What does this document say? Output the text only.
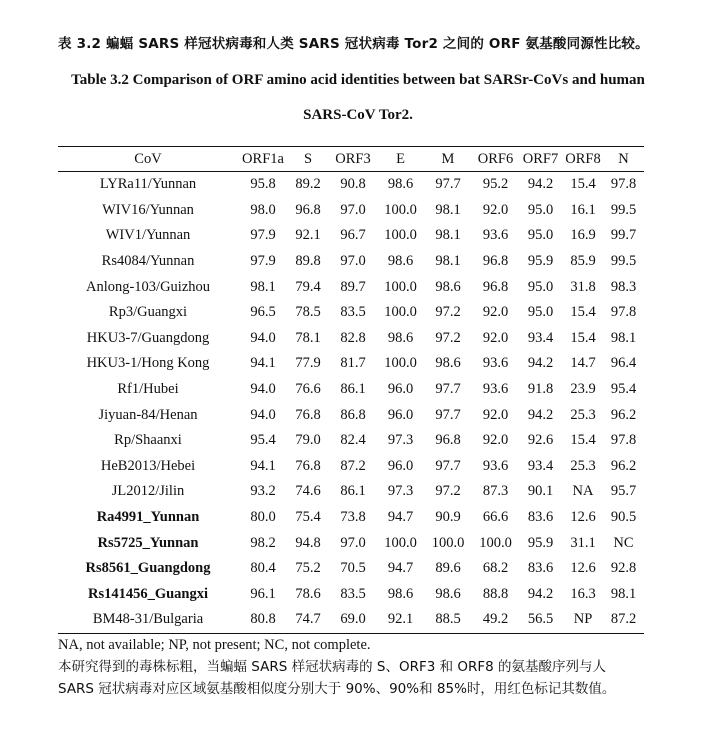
表 3.2 蝙蝠 SARS 样冠状病毒和人类 SARS 冠状病毒 Tor2 之间的 ORF 氨基酸同源性比较。
Table 3.2 Comparison of ORF amino acid identities between bat SARSr-CoVs and human
SARS-CoV Tor2.
CoV	ORF1a	S	ORF3	E	M	ORF6	ORF7	ORF8	N
LYRa11/Yunnan	95.8	89.2	90.8	98.6	97.7	95.2	94.2	15.4	97.8
WIV16/Yunnan	98.0	96.8	97.0	100.0	98.1	92.0	95.0	16.1	99.5
WIV1/Yunnan	97.9	92.1	96.7	100.0	98.1	93.6	95.0	16.9	99.7
Rs4084/Yunnan	97.9	89.8	97.0	98.6	98.1	96.8	95.9	85.9	99.5
Anlong-103/Guizhou	98.1	79.4	89.7	100.0	98.6	96.8	95.0	31.8	98.3
Rp3/Guangxi	96.5	78.5	83.5	100.0	97.2	92.0	95.0	15.4	97.8
HKU3-7/Guangdong	94.0	78.1	82.8	98.6	97.2	92.0	93.4	15.4	98.1
HKU3-1/Hong Kong	94.1	77.9	81.7	100.0	98.6	93.6	94.2	14.7	96.4
Rf1/Hubei	94.0	76.6	86.1	96.0	97.7	93.6	91.8	23.9	95.4
Jiyuan-84/Henan	94.0	76.8	86.8	96.0	97.7	92.0	94.2	25.3	96.2
Rp/Shaanxi	95.4	79.0	82.4	97.3	96.8	92.0	92.6	15.4	97.8
HeB2013/Hebei	94.1	76.8	87.2	96.0	97.7	93.6	93.4	25.3	96.2
JL2012/Jilin	93.2	74.6	86.1	97.3	97.2	87.3	90.1	NA	95.7
Ra4991_Yunnan	80.0	75.4	73.8	94.7	90.9	66.6	83.6	12.6	90.5
Rs5725_Yunnan	98.2	94.8	97.0	100.0	100.0	100.0	95.9	31.1	NC
Rs8561_Guangdong	80.4	75.2	70.5	94.7	89.6	68.2	83.6	12.6	92.8
Rs141456_Guangxi	96.1	78.6	83.5	98.6	98.6	88.8	94.2	16.3	98.1
BM48-31/Bulgaria	80.8	74.7	69.0	92.1	88.5	49.2	56.5	NP	87.2
NA, not available; NP, not present; NC, not complete.
本研究得到的毒株标粗，当蝙蝠 SARS 样冠状病毒的 S、ORF3 和 ORF8 的氨基酸序列与人
SARS 冠状病毒对应区域氨基酸相似度分别大于 90%、90%和 85%时，用红色标记其数值。
